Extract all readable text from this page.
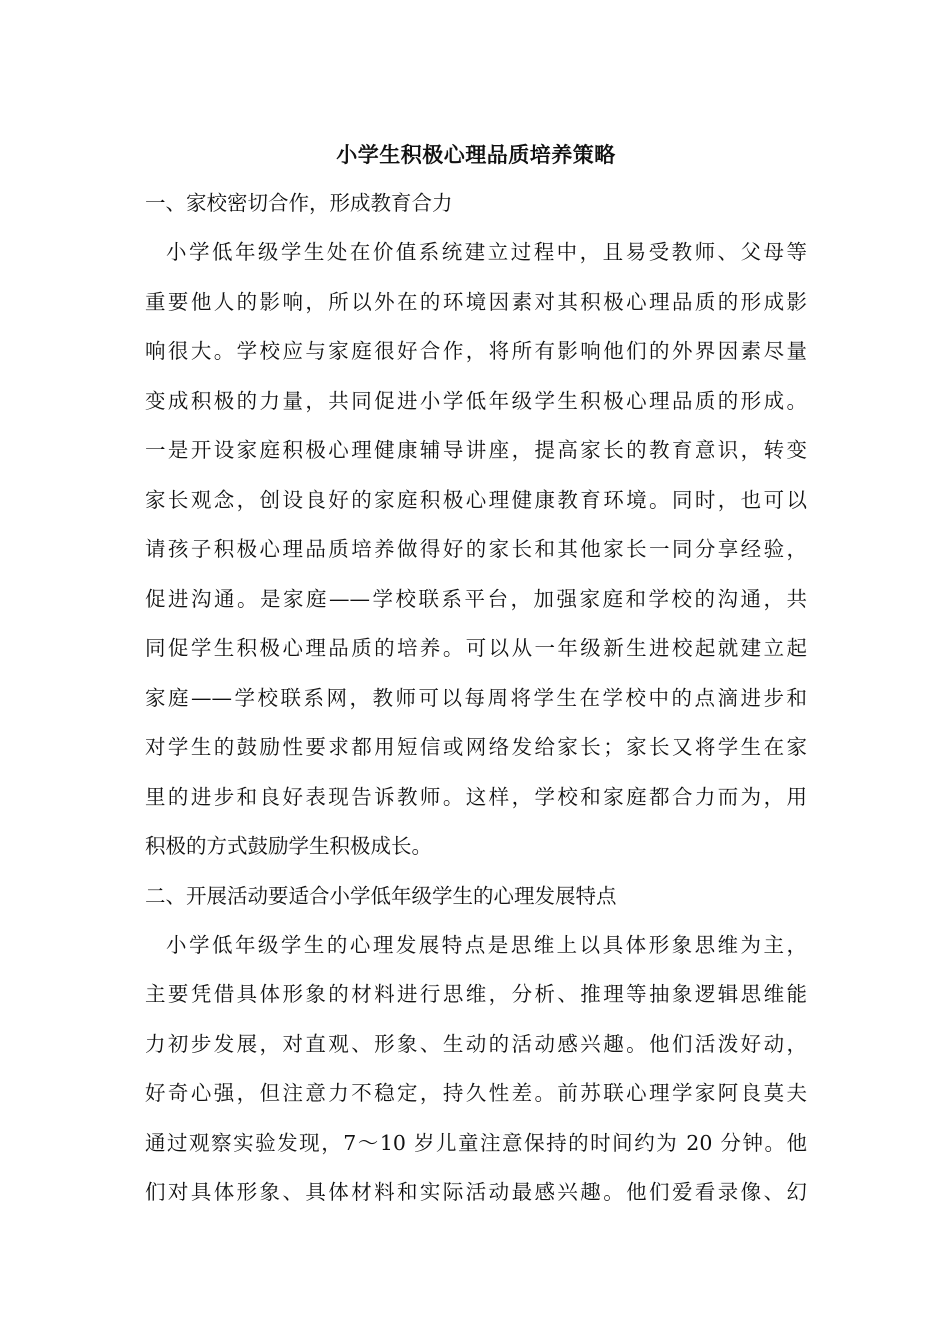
小学生积极心理品质培养策略

一、家校密切合作，形成教育合力

小学低年级学生处在价值系统建立过程中，且易受教师、父母等
重要他人的影响，所以外在的环境因素对其积极心理品质的形成影
响很大。学校应与家庭很好合作，将所有影响他们的外界因素尽量
变成积极的力量，共同促进小学低年级学生积极心理品质的形成。
一是开设家庭积极心理健康辅导讲座，提高家长的教育意识，转变
家长观念，创设良好的家庭积极心理健康教育环境。同时，也可以
请孩子积极心理品质培养做得好的家长和其他家长一同分享经验，
促进沟通。是家庭——学校联系平台，加强家庭和学校的沟通，共
同促学生积极心理品质的培养。可以从一年级新生进校起就建立起
家庭——学校联系网，教师可以每周将学生在学校中的点滴进步和
对学生的鼓励性要求都用短信或网络发给家长；家长又将学生在家
里的进步和良好表现告诉教师。这样，学校和家庭都合力而为，用
积极的方式鼓励学生积极成长。

二、开展活动要适合小学低年级学生的心理发展特点

小学低年级学生的心理发展特点是思维上以具体形象思维为主，
主要凭借具体形象的材料进行思维，分析、推理等抽象逻辑思维能
力初步发展，对直观、形象、生动的活动感兴趣。他们活泼好动，
好奇心强，但注意力不稳定，持久性差。前苏联心理学家阿良莫夫
通过观察实验发现，7～10 岁儿童注意保持的时间约为 20 分钟。他
们对具体形象、具体材料和实际活动最感兴趣。他们爱看录像、幻
